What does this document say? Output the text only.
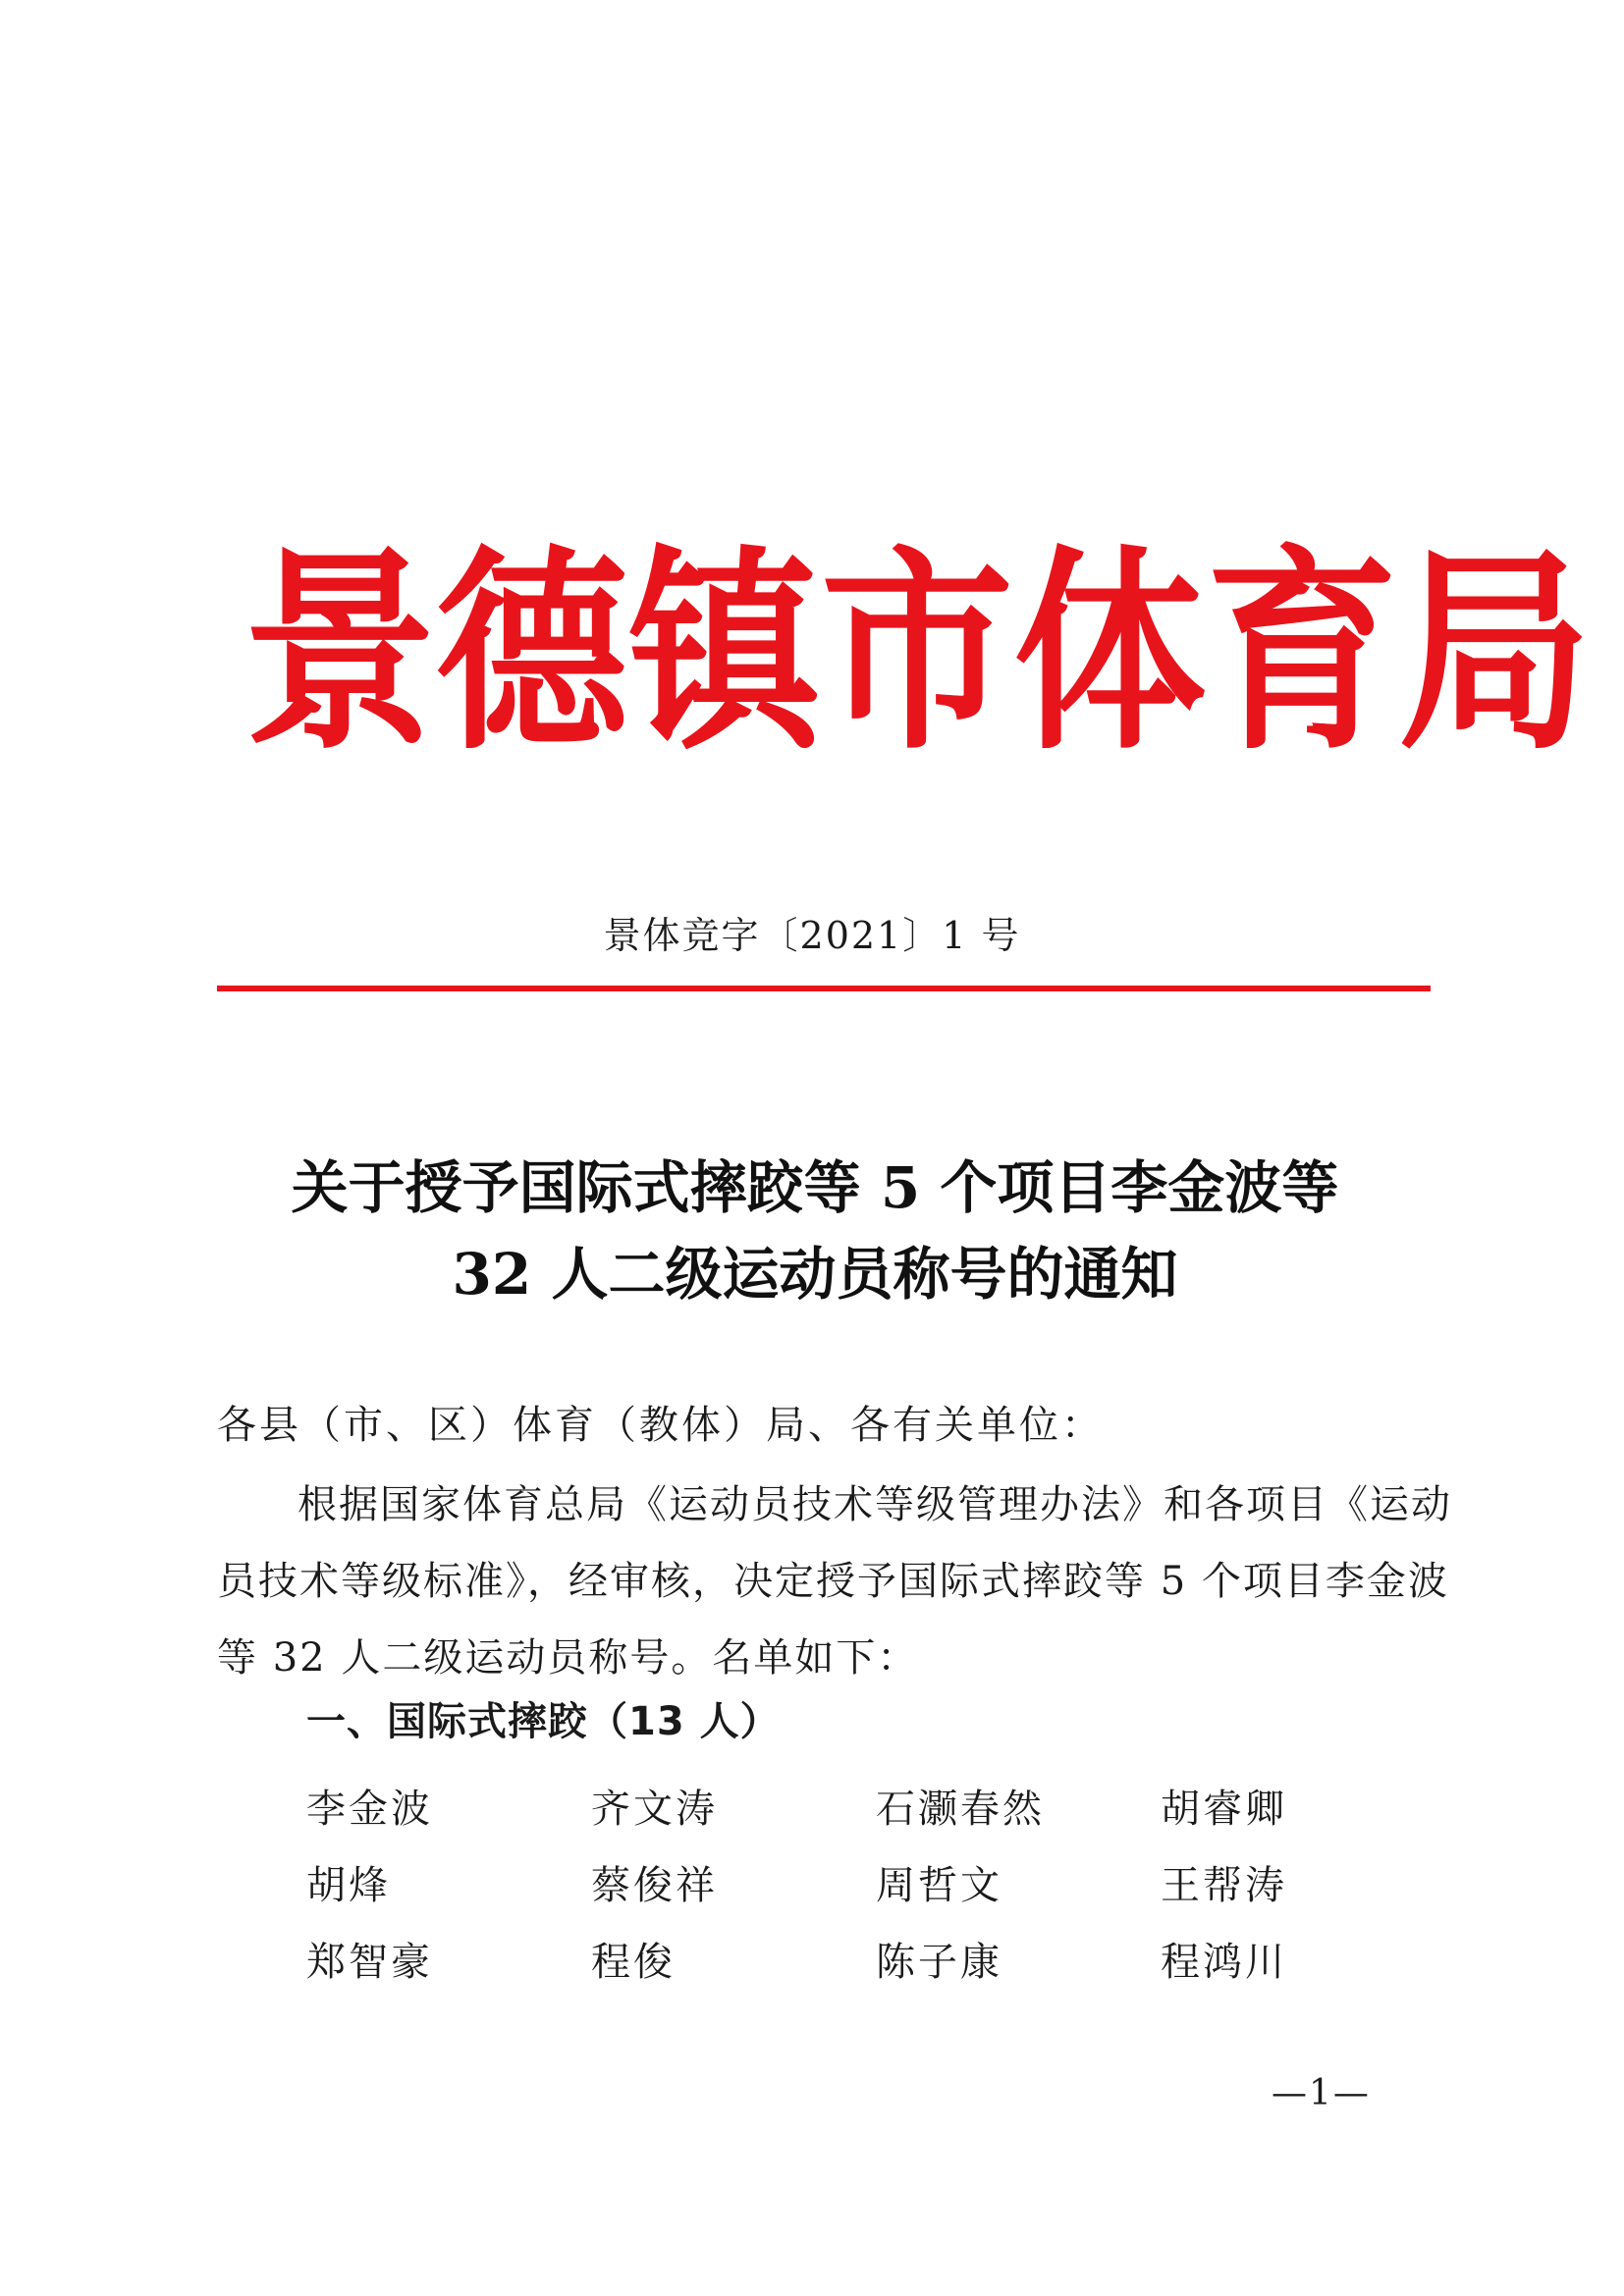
景 德 镇 市 体 育 局
景体竞字〔2021〕1 号
关于授予国际式摔跤等 5 个项目李金波等
32 人二级运动员称号的通知
各县（市、区）体育（教体）局、各有关单位：
根据国家体育总局《运动员技术等级管理办法》和各项目《运动
员技术等级标准》，经审核，决定授予国际式摔跤等 5 个项目李金波
等 32 人二级运动员称号。名单如下：
一、国际式摔跤（13 人）
李金波	齐文涛	石灏春然	胡睿卿
胡烽	蔡俊祥	周哲文	王帮涛
郑智豪	程俊	陈子康	程鸿川
—1—
